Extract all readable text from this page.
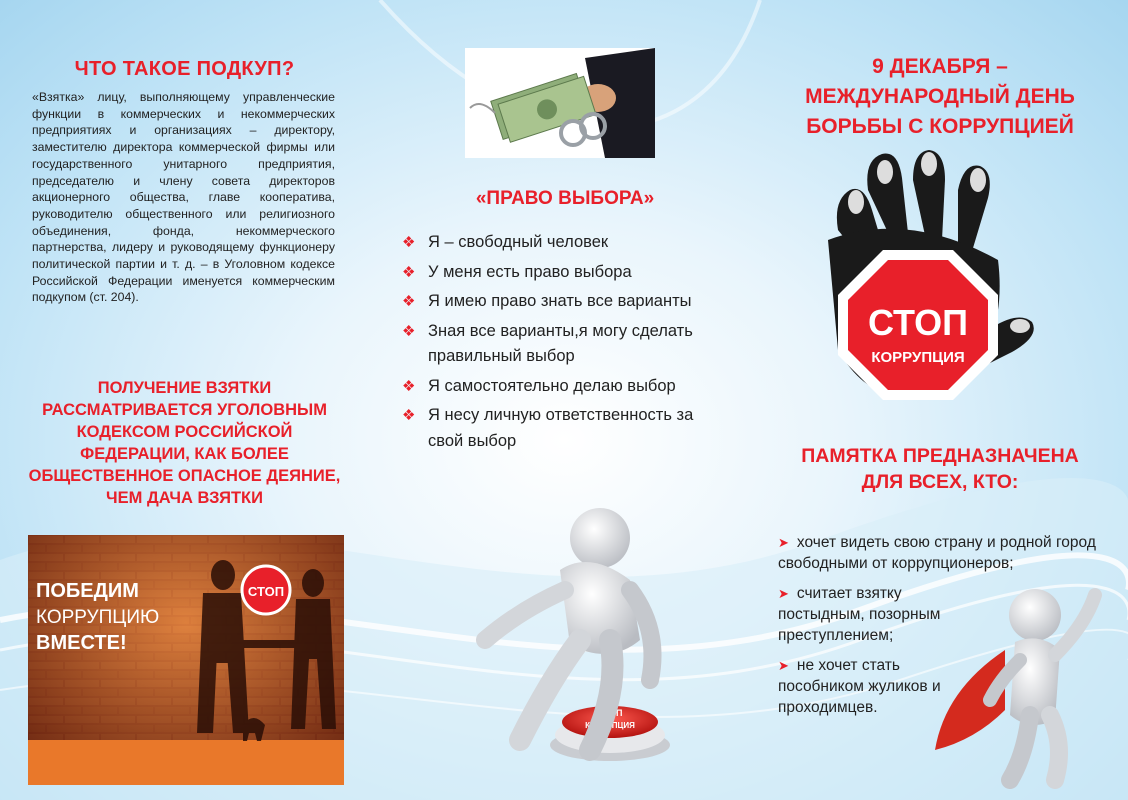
ЧТО ТАКОЕ ПОДКУП?
«Взятка» лицу, выполняющему управленческие функции в коммерческих и некоммерческих предприятиях и организациях – директору, заместителю директора коммерческой фирмы или государственного унитарного предприятия, председателю и члену совета директоров акционерного общества, главе кооператива, руководителю общественного или религиозного объединения, фонда, некоммерческого партнерства, лидеру и руководящему функционеру политической партии и т. д. – в Уголовном кодексе Российской Федерации именуется коммерческим подкупом (ст. 204).
ПОЛУЧЕНИЕ ВЗЯТКИ РАССМАТРИВАЕТСЯ УГОЛОВНЫМ КОДЕКСОМ РОССИЙСКОЙ ФЕДЕРАЦИИ, КАК БОЛЕЕ ОБЩЕСТВЕННОЕ ОПАСНОЕ ДЕЯНИЕ, ЧЕМ ДАЧА ВЗЯТКИ
СТОП
ПОБЕДИМ
КОРРУПЦИЮ
ВМЕСТЕ!
«ПРАВО ВЫБОРА»
❖ Я – свободный человек
❖ У меня есть право выбора
❖ Я имею право знать все варианты
❖ Зная все варианты,я могу сделать правильный выбор
❖ Я самостоятельно делаю выбор
❖ Я несу личную ответственность за свой выбор
СТОП
КОРРУПЦИЯ
9 ДЕКАБРЯ – МЕЖДУНАРОДНЫЙ ДЕНЬ БОРЬБЫ С КОРРУПЦИЕЙ
СТОП
КОРРУПЦИЯ
ПАМЯТКА ПРЕДНАЗНАЧЕНА ДЛЯ ВСЕХ, КТО:
➤ хочет видеть свою страну и родной город свободными от коррупционеров;
➤ считает взятку постыдным, позорным преступлением;
➤ не хочет стать пособником жуликов и проходимцев.
